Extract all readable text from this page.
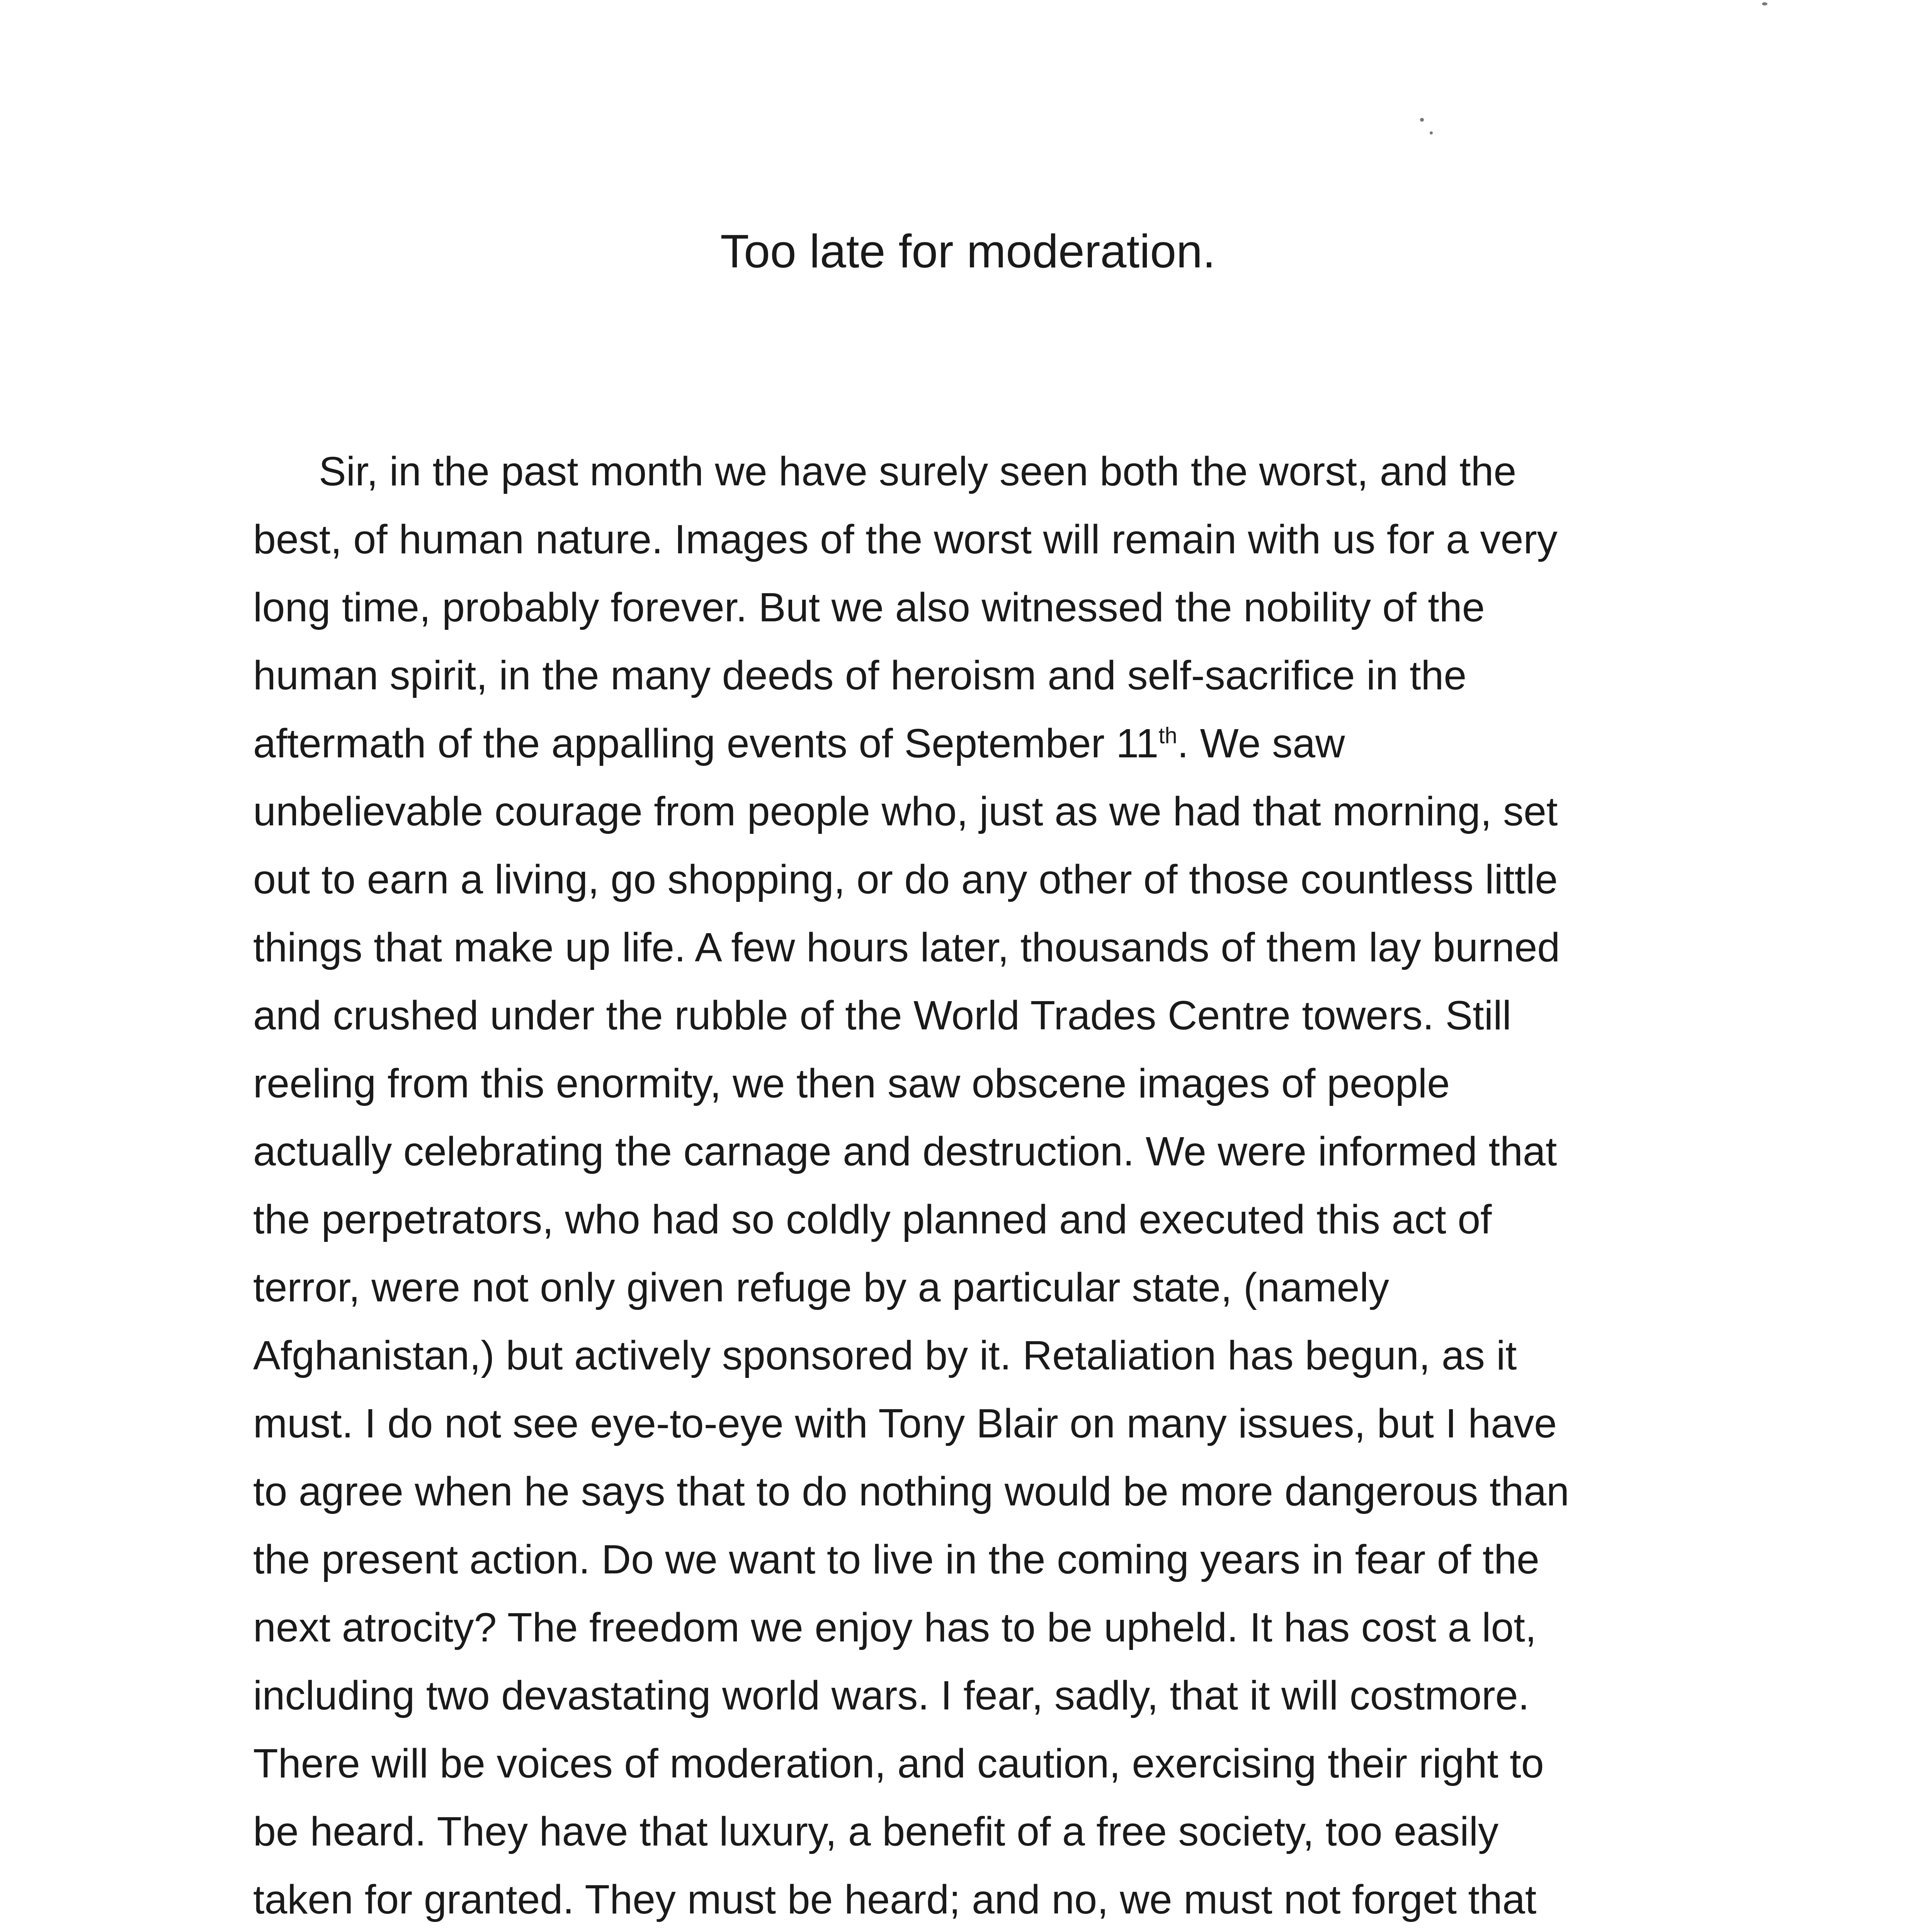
Too late for moderation.
Sir, in the past month we have surely seen both the worst, and the
best, of human nature. Images of the worst will remain with us for a very
long time, probably forever. But we also witnessed the nobility of the
human spirit, in the many deeds of heroism and self-sacrifice in the
aftermath of the appalling events of September 11th. We saw
unbelievable courage from people who, just as we had that morning, set
out to earn a living, go shopping, or do any other of those countless little
things that make up life. A few hours later, thousands of them lay burned
and crushed under the rubble of the World Trades Centre towers. Still
reeling from this enormity, we then saw obscene images of people
actually celebrating the carnage and destruction. We were informed that
the perpetrators, who had so coldly planned and executed this act of
terror, were not only given refuge by a particular state, (namely
Afghanistan,) but actively sponsored by it. Retaliation has begun, as it
must. I do not see eye-to-eye with Tony Blair on many issues, but I have
to agree when he says that to do nothing would be more dangerous than
the present action. Do we want to live in the coming years in fear of the
next atrocity? The freedom we enjoy has to be upheld. It has cost a lot,
including two devastating world wars. I fear, sadly, that it will costmore.
There will be voices of moderation, and caution, exercising their right to
be heard. They have that luxury, a benefit of a free society, too easily
taken for granted. They must be heard; and no, we must not forget that
